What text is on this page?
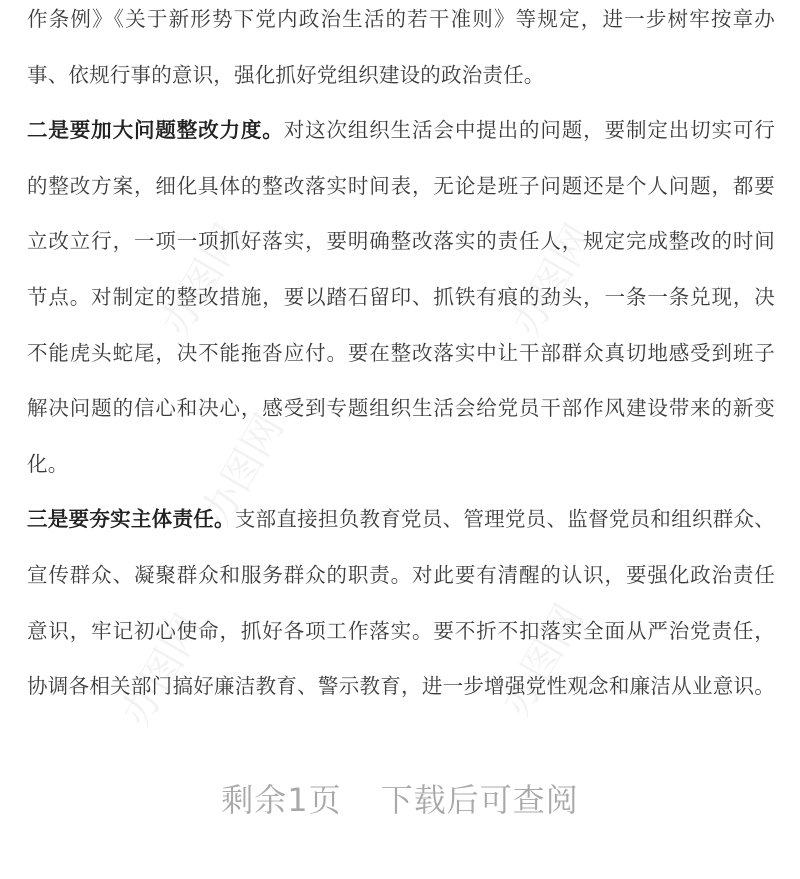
办图网	办图网
办图网
办图网	办图网
作条例》《关于新形势下党内政治生活的若干准则》等规定，进一步树牢按章办
事、依规行事的意识，强化抓好党组织建设的政治责任。
二是要加大问题整改力度。对这次组织生活会中提出的问题，要制定出切实可行
的整改方案，细化具体的整改落实时间表，无论是班子问题还是个人问题，都要
立改立行，一项一项抓好落实，要明确整改落实的责任人，规定完成整改的时间
节点。对制定的整改措施，要以踏石留印、抓铁有痕的劲头，一条一条兑现，决
不能虎头蛇尾，决不能拖沓应付。要在整改落实中让干部群众真切地感受到班子
解决问题的信心和决心，感受到专题组织生活会给党员干部作风建设带来的新变
化。
三是要夯实主体责任。支部直接担负教育党员、管理党员、监督党员和组织群众、
宣传群众、凝聚群众和服务群众的职责。对此要有清醒的认识，要强化政治责任
意识，牢记初心使命，抓好各项工作落实。要不折不扣落实全面从严治党责任，
协调各相关部门搞好廉洁教育、警示教育，进一步增强党性观念和廉洁从业意识。
剩余1页 下载后可查阅
